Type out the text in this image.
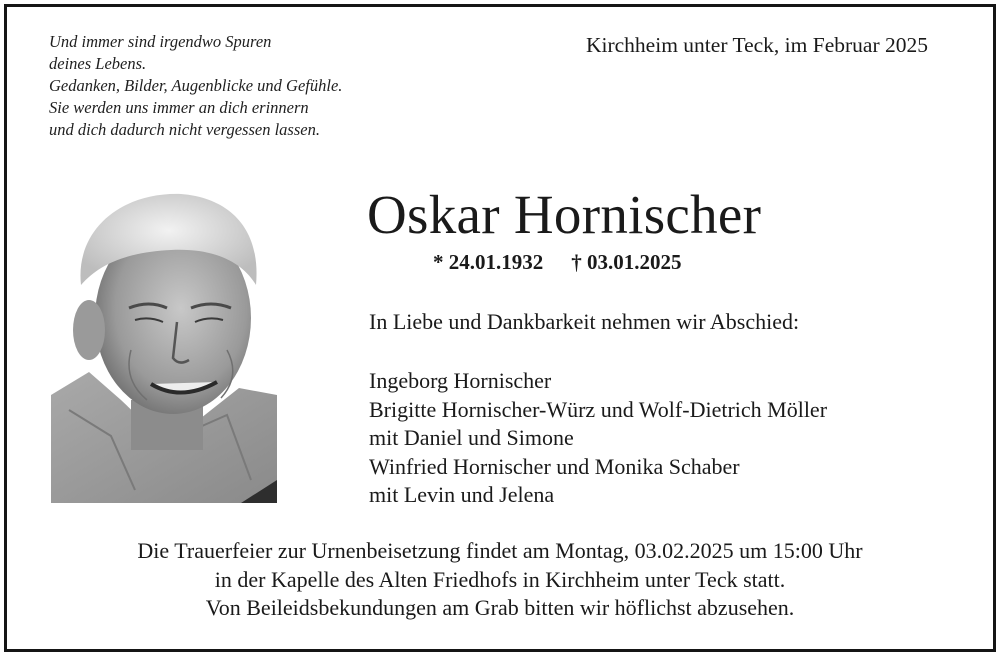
Und immer sind irgendwo Spuren
deines Lebens.
Gedanken, Bilder, Augenblicke und Gefühle.
Sie werden uns immer an dich erinnern
und dich dadurch nicht vergessen lassen.
Kirchheim unter Teck, im Februar 2025
Oskar Hornischer
* 24.01.1932 † 03.01.2025
In Liebe und Dankbarkeit nehmen wir Abschied:
Ingeborg Hornischer
Brigitte Hornischer-Würz und Wolf-Dietrich Möller
mit Daniel und Simone
Winfried Hornischer und Monika Schaber
mit Levin und Jelena
Die Trauerfeier zur Urnenbeisetzung findet am Montag, 03.02.2025 um 15:00 Uhr
in der Kapelle des Alten Friedhofs in Kirchheim unter Teck statt.
Von Beileidsbekundungen am Grab bitten wir höflichst abzusehen.
